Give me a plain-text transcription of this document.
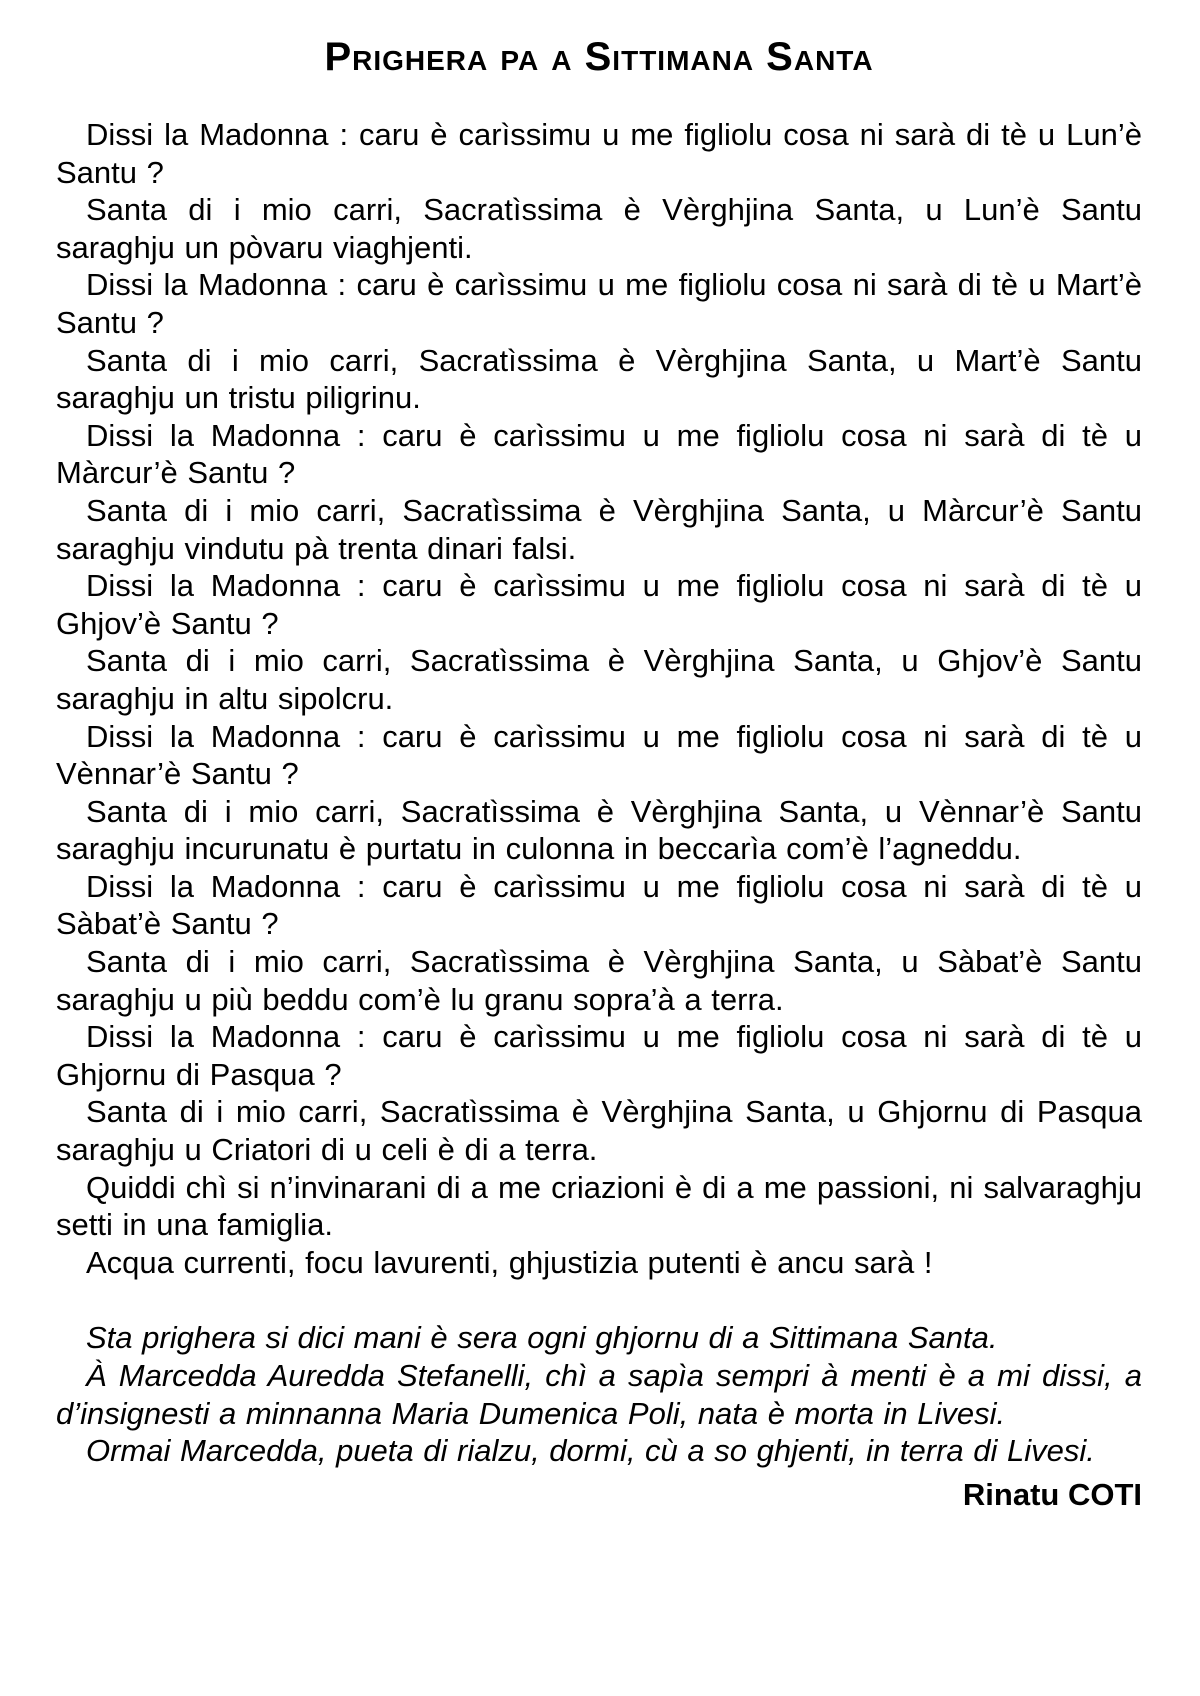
Prighera pa a Sittimana Santa

Dissi la Madonna : caru è carìssimu u me figliolu cosa ni sarà di tè u Lun’è Santu ?

Santa di i mio carri, Sacratìssima è Vèrghjina Santa, u Lun’è Santu saraghju un pòvaru viaghjenti.

Dissi la Madonna : caru è carìssimu u me figliolu cosa ni sarà di tè u Mart’è Santu ?

Santa di i mio carri, Sacratìssima è Vèrghjina Santa, u Mart’è Santu saraghju un tristu piligrinu.

Dissi la Madonna : caru è carìssimu u me figliolu cosa ni sarà di tè u Màrcur’è Santu ?

Santa di i mio carri, Sacratìssima è Vèrghjina Santa, u Màrcur’è Santu saraghju vindutu pà trenta dinari falsi.

Dissi la Madonna : caru è carìssimu u me figliolu cosa ni sarà di tè u Ghjov’è Santu ?

Santa di i mio carri, Sacratìssima è Vèrghjina Santa, u Ghjov’è Santu saraghju in altu sipolcru.

Dissi la Madonna : caru è carìssimu u me figliolu cosa ni sarà di tè u Vènnar’è Santu ?

Santa di i mio carri, Sacratìssima è Vèrghjina Santa, u Vènnar’è Santu saraghju incurunatu è purtatu in culonna in beccarìa com’è l’agneddu.

Dissi la Madonna : caru è carìssimu u me figliolu cosa ni sarà di tè u Sàbat’è Santu ?

Santa di i mio carri, Sacratìssima è Vèrghjina Santa, u Sàbat’è Santu saraghju u più beddu com’è lu granu sopra’à a terra.

Dissi la Madonna : caru è carìssimu u me figliolu cosa ni sarà di tè u Ghjornu di Pasqua ?

Santa di i mio carri, Sacratìssima è Vèrghjina Santa, u Ghjornu di Pasqua saraghju u Criatori di u celi è di a terra.

Quiddi chì si n’invinarani di a me criazioni è di a me passioni, ni salvaraghju setti in una famiglia.

Acqua currenti, focu lavurenti, ghjustizia putenti è ancu sarà !

Sta prighera si dici mani è sera ogni ghjornu di a Sittimana Santa.

À Marcedda Auredda Stefanelli, chì a sapìa sempri à menti è a mi dissi, a d’insignesti a minnanna Maria Dumenica Poli, nata è morta in Livesi.

Ormai Marcedda, pueta di rialzu, dormi, cù a so ghjenti, in terra di Livesi.

Rinatu COTI
